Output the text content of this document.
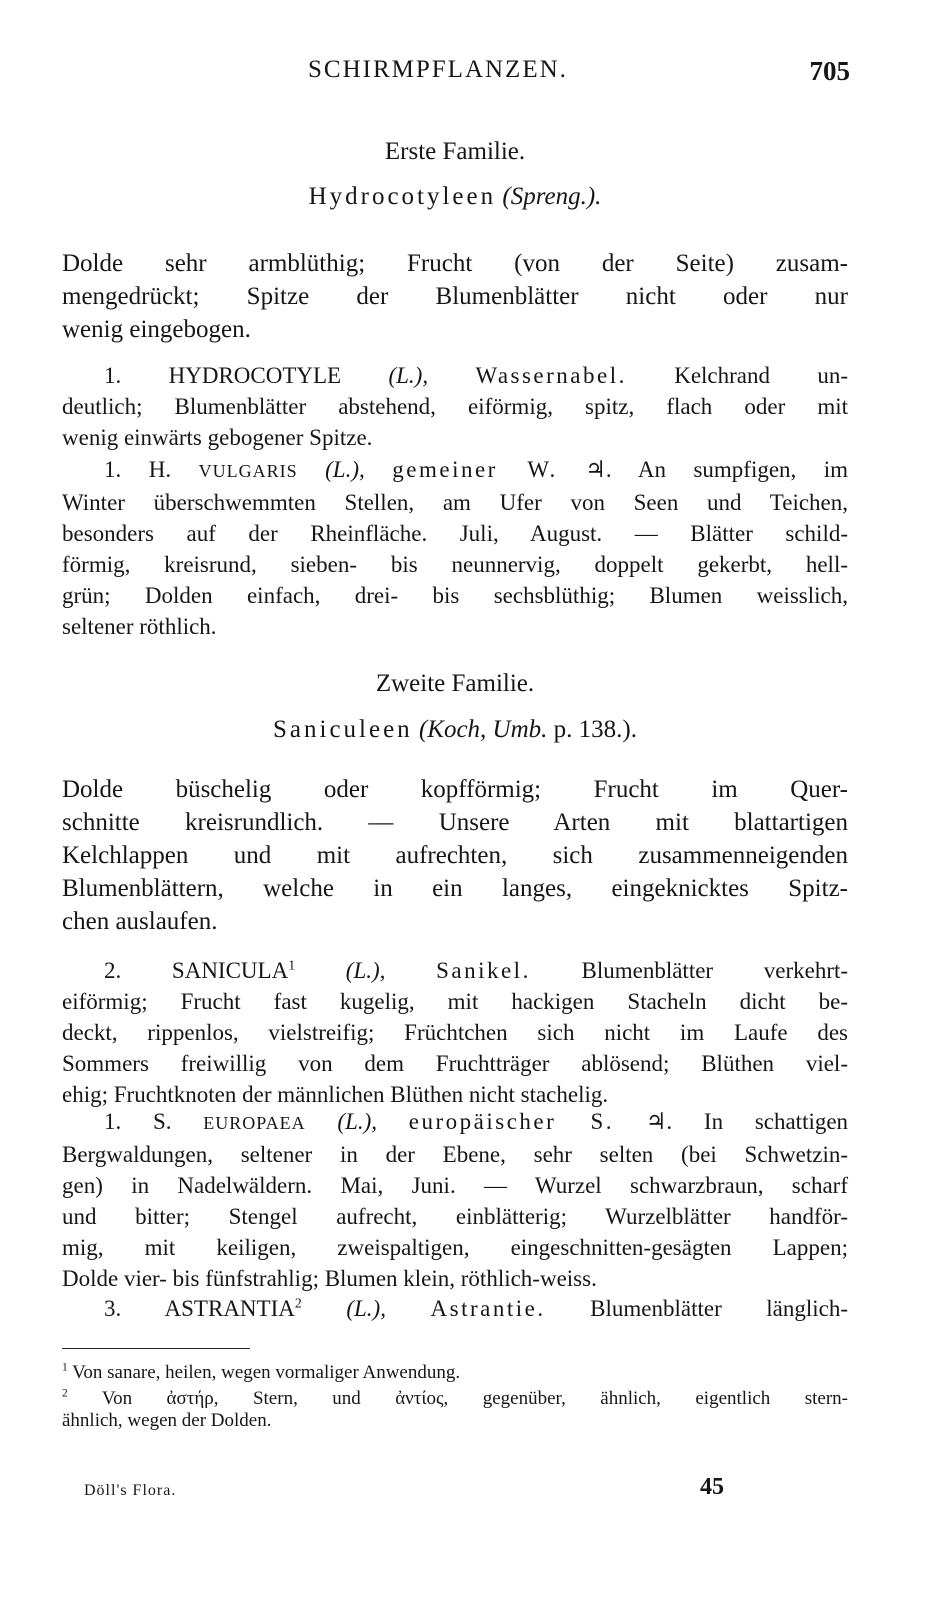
SCHIRMPFLANZEN.	705
Erste Familie.
Hydrocotyleen (Spreng.).
Dolde sehr armblüthig; Frucht (von der Seite) zusam-
mengedrückt; Spitze der Blumenblätter nicht oder nur
wenig eingebogen.
1. HYDROCOTYLE (L.), Wassernabel. Kelchrand un-
deutlich; Blumenblätter abstehend, eiförmig, spitz, flach oder mit
wenig einwärts gebogener Spitze.
1. H. VULGARIS (L.), gemeiner W. ♃. An sumpfigen, im
Winter überschwemmten Stellen, am Ufer von Seen und Teichen,
besonders auf der Rheinfläche. Juli, August. — Blätter schild-
förmig, kreisrund, sieben- bis neunnervig, doppelt gekerbt, hell-
grün; Dolden einfach, drei- bis sechsblüthig; Blumen weisslich,
seltener röthlich.
Zweite Familie.
Saniculeen (Koch, Umb. p. 138.).
Dolde büschelig oder kopfförmig; Frucht im Quer-
schnitte kreisrundlich. — Unsere Arten mit blattartigen
Kelchlappen und mit aufrechten, sich zusammenneigenden
Blumenblättern, welche in ein langes, eingeknicktes Spitz-
chen auslaufen.
2. SANICULA$^1$ (L.), Sanikel. Blumenblätter verkehrt-
eiförmig; Frucht fast kugelig, mit hackigen Stacheln dicht be-
deckt, rippenlos, vielstreifig; Früchtchen sich nicht im Laufe des
Sommers freiwillig von dem Fruchtträger ablösend; Blüthen viel-
ehig; Fruchtknoten der männlichen Blüthen nicht stachelig.
1. S. EUROPAEA (L.), europäischer S. ♃. In schattigen
Bergwaldungen, seltener in der Ebene, sehr selten (bei Schwetzin-
gen) in Nadelwäldern. Mai, Juni. — Wurzel schwarzbraun, scharf
und bitter; Stengel aufrecht, einblätterig; Wurzelblätter handför-
mig, mit keiligen, zweispaltigen, eingeschnitten-gesägten Lappen;
Dolde vier- bis fünfstrahlig; Blumen klein, röthlich-weiss.
3. ASTRANTIA$^2$ (L.), Astrantie. Blumenblätter länglich-
$^1$ Von sanare, heilen, wegen vormaliger Anwendung.
$^2$ Von ἀστήρ, Stern, und ἀντίος, gegenüber, ähnlich, eigentlich stern-
ähnlich, wegen der Dolden.
Döll's Flora.	45
